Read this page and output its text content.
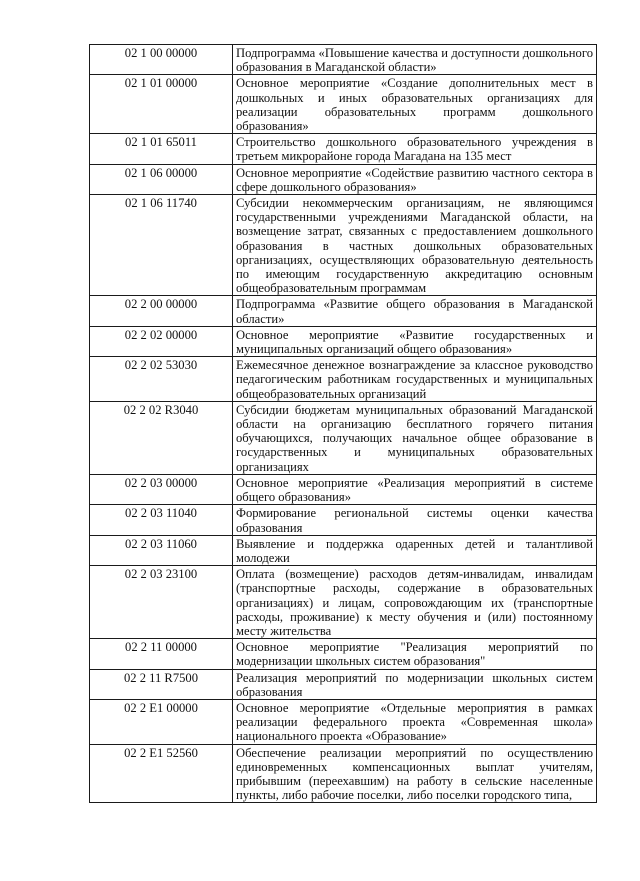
02 1 00 00000	Подпрограмма «Повышение качества и доступности дошкольного образования в Магаданской области»

02 1 01 00000	Основное мероприятие «Создание дополнительных мест в дошкольных и иных образовательных организациях для реализации образовательных программ дошкольного образования»

02 1 01 65011	Строительство дошкольного образовательного учреждения в третьем микрорайоне города Магадана на 135 мест

02 1 06 00000	Основное мероприятие «Содействие развитию частного сектора в сфере дошкольного образования»

02 1 06 11740	Субсидии некоммерческим организациям, не являющимся государственными учреждениями Магаданской области, на возмещение затрат, связанных с предоставлением дошкольного образования в частных дошкольных образовательных организациях, осуществляющих образовательную деятельность по имеющим государственную аккредитацию основным общеобразовательным программам

02 2 00 00000	Подпрограмма «Развитие общего образования в Магаданской области»

02 2 02 00000	Основное мероприятие «Развитие государственных и муниципальных организаций общего образования»

02 2 02 53030	Ежемесячное денежное вознаграждение за классное руководство педагогическим работникам государственных и муниципальных общеобразовательных организаций

02 2 02 R3040	Субсидии бюджетам муниципальных образований Магаданской области на организацию бесплатного горячего питания обучающихся, получающих начальное общее образование в государственных и муниципальных образовательных организациях

02 2 03 00000	Основное мероприятие «Реализация мероприятий в системе общего образования»

02 2 03 11040	Формирование региональной системы оценки качества образования

02 2 03 11060	Выявление и поддержка одаренных детей и талантливой молодежи

02 2 03 23100	Оплата (возмещение) расходов детям-инвалидам, инвалидам (транспортные расходы, содержание в образовательных организациях) и лицам, сопровождающим их (транспортные расходы, проживание) к месту обучения и (или) постоянному месту жительства

02 2 11 00000	Основное мероприятие "Реализация мероприятий по модернизации школьных систем образования"

02 2 11 R7500	Реализация мероприятий по модернизации школьных систем образования

02 2 E1 00000	Основное мероприятие «Отдельные мероприятия в рамках реализации федерального проекта «Современная школа» национального проекта «Образование»

02 2 E1 52560	Обеспечение реализации мероприятий по осуществлению единовременных компенсационных выплат учителям, прибывшим (переехавшим) на работу в сельские населенные пункты, либо рабочие поселки, либо поселки городского типа,
